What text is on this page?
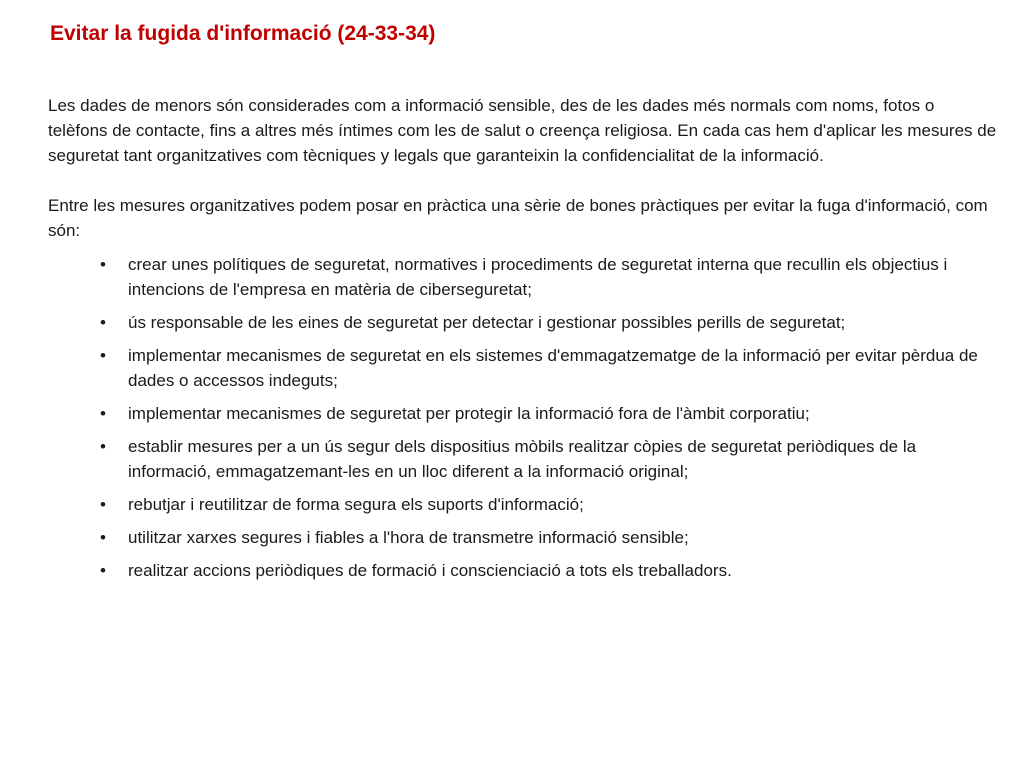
Evitar la fugida d'informació (24-33-34)

Les dades de menors són considerades com a informació sensible, des de les dades més normals com noms, fotos o telèfons de contacte, fins a altres més íntimes com les de salut o creença religiosa. En cada cas hem d'aplicar les mesures de seguretat tant organitzatives com tècniques y legals que garanteixin la confidencialitat de la informació.

Entre les mesures organitzatives podem posar en pràctica una sèrie de bones pràctiques per evitar la fuga d'informació, com són:

• crear unes polítiques de seguretat, normatives i procediments de seguretat interna que recullin els objectius i intencions de l'empresa en matèria de ciberseguretat;
• ús responsable de les eines de seguretat per detectar i gestionar possibles perills de seguretat;
• implementar mecanismes de seguretat en els sistemes d'emmagatzematge de la informació per evitar pèrdua de dades o accessos indeguts;
• implementar mecanismes de seguretat per protegir la informació fora de l'àmbit corporatiu;
• establir mesures per a un ús segur dels dispositius mòbils realitzar còpies de seguretat periòdiques de la informació, emmagatzemant-les en un lloc diferent a la informació original;
• rebutjar i reutilitzar de forma segura els suports d'informació;
• utilitzar xarxes segures i fiables a l'hora de transmetre informació sensible;
• realitzar accions periòdiques de formació i conscienciació a tots els treballadors.
